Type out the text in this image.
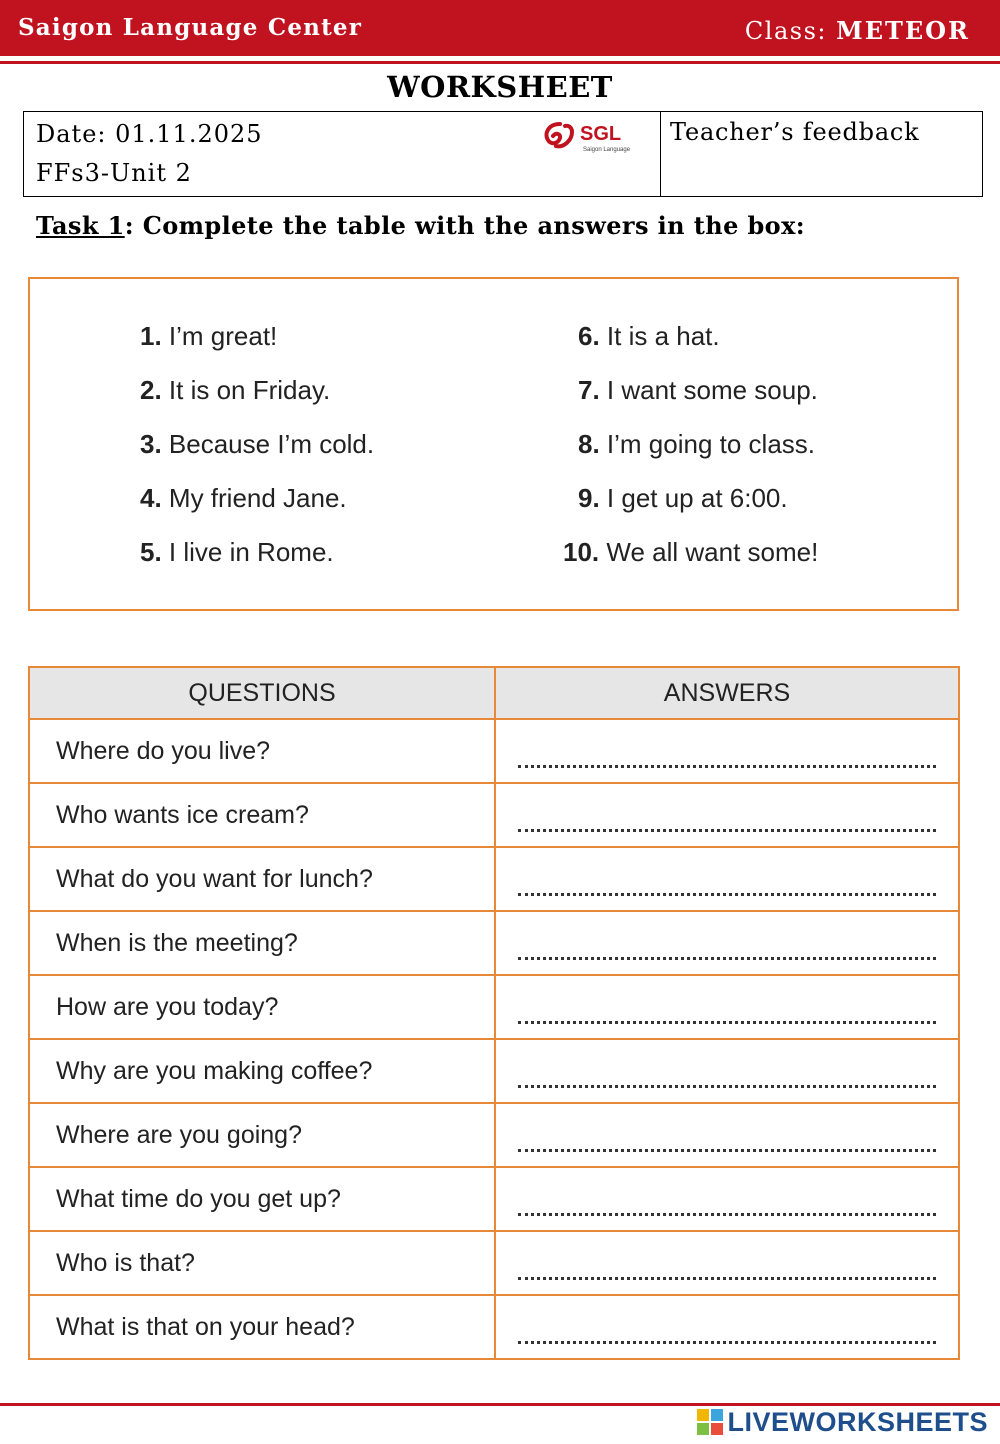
Saigon Language Center	Class: METEOR
WORKSHEET
Date: 01.11.2025
FFs3-Unit 2
SGL
Saigon Language
Teacher’s feedback
Task 1: Complete the table with the answers in the box:
1. I’m great!
2. It is on Friday.
3. Because I’m cold.
4. My friend Jane.
5. I live in Rome.
6. It is a hat.
7. I want some soup.
8. I’m going to class.
9. I get up at 6:00.
10. We all want some!
QUESTIONS	ANSWERS
Where do you live?	

Who wants ice cream?	

What do you want for lunch?	

When is the meeting?	

How are you today?	

Why are you making coffee?	

Where are you going?	

What time do you get up?	

Who is that?	

What is that on your head?	
LIVEWORKSHEETS
